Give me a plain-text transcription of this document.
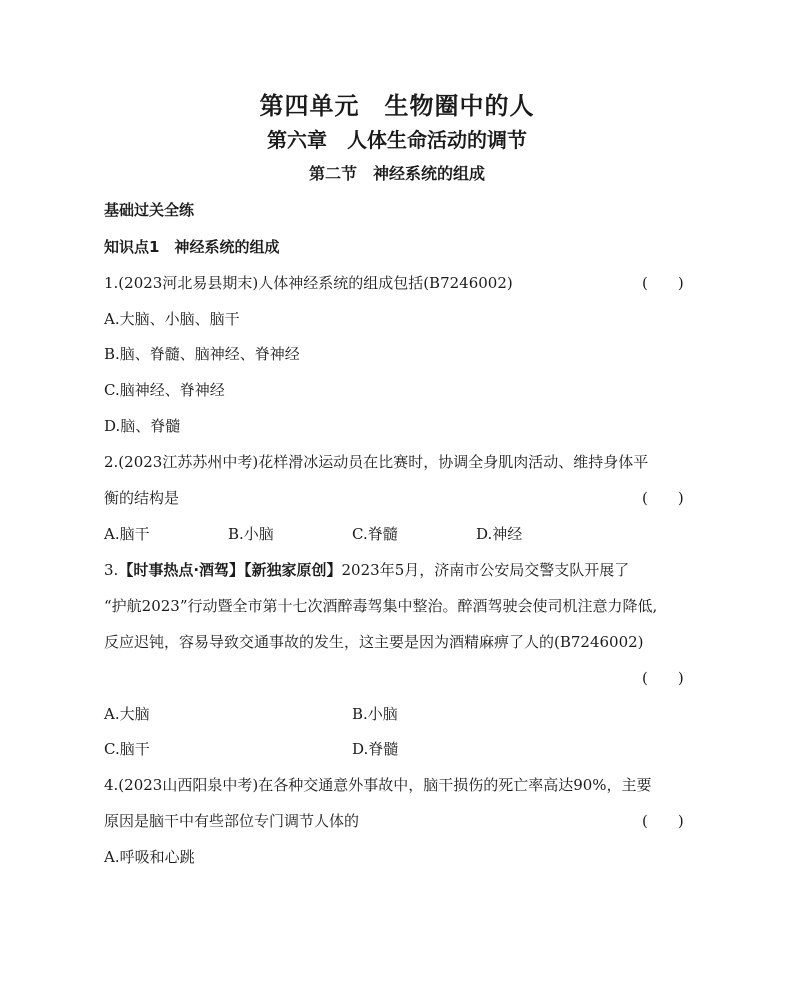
第四单元　生物圈中的人
第六章　人体生命活动的调节
第二节　神经系统的组成
基础过关全练
知识点1　神经系统的组成
1.(2023河北易县期末)人体神经系统的组成包括(B7246002)	(　　)
A.大脑、小脑、脑干
B.脑、脊髓、脑神经、脊神经
C.脑神经、脊神经
D.脑、脊髓
2.(2023江苏苏州中考)花样滑冰运动员在比赛时，协调全身肌肉活动、维持身体平
衡的结构是	(　　)
A.脑干	B.小脑	C.脊髓	D.神经
3.【时事热点·酒驾】【新独家原创】2023年5月，济南市公安局交警支队开展了
“护航2023”行动暨全市第十七次酒醉毒驾集中整治。醉酒驾驶会使司机注意力降低,
反应迟钝，容易导致交通事故的发生，这主要是因为酒精麻痹了人的(B7246002)
(　　)
A.大脑	B.小脑
C.脑干	D.脊髓
4.(2023山西阳泉中考)在各种交通意外事故中，脑干损伤的死亡率高达90%，主要
原因是脑干中有些部位专门调节人体的	(　　)
A.呼吸和心跳
